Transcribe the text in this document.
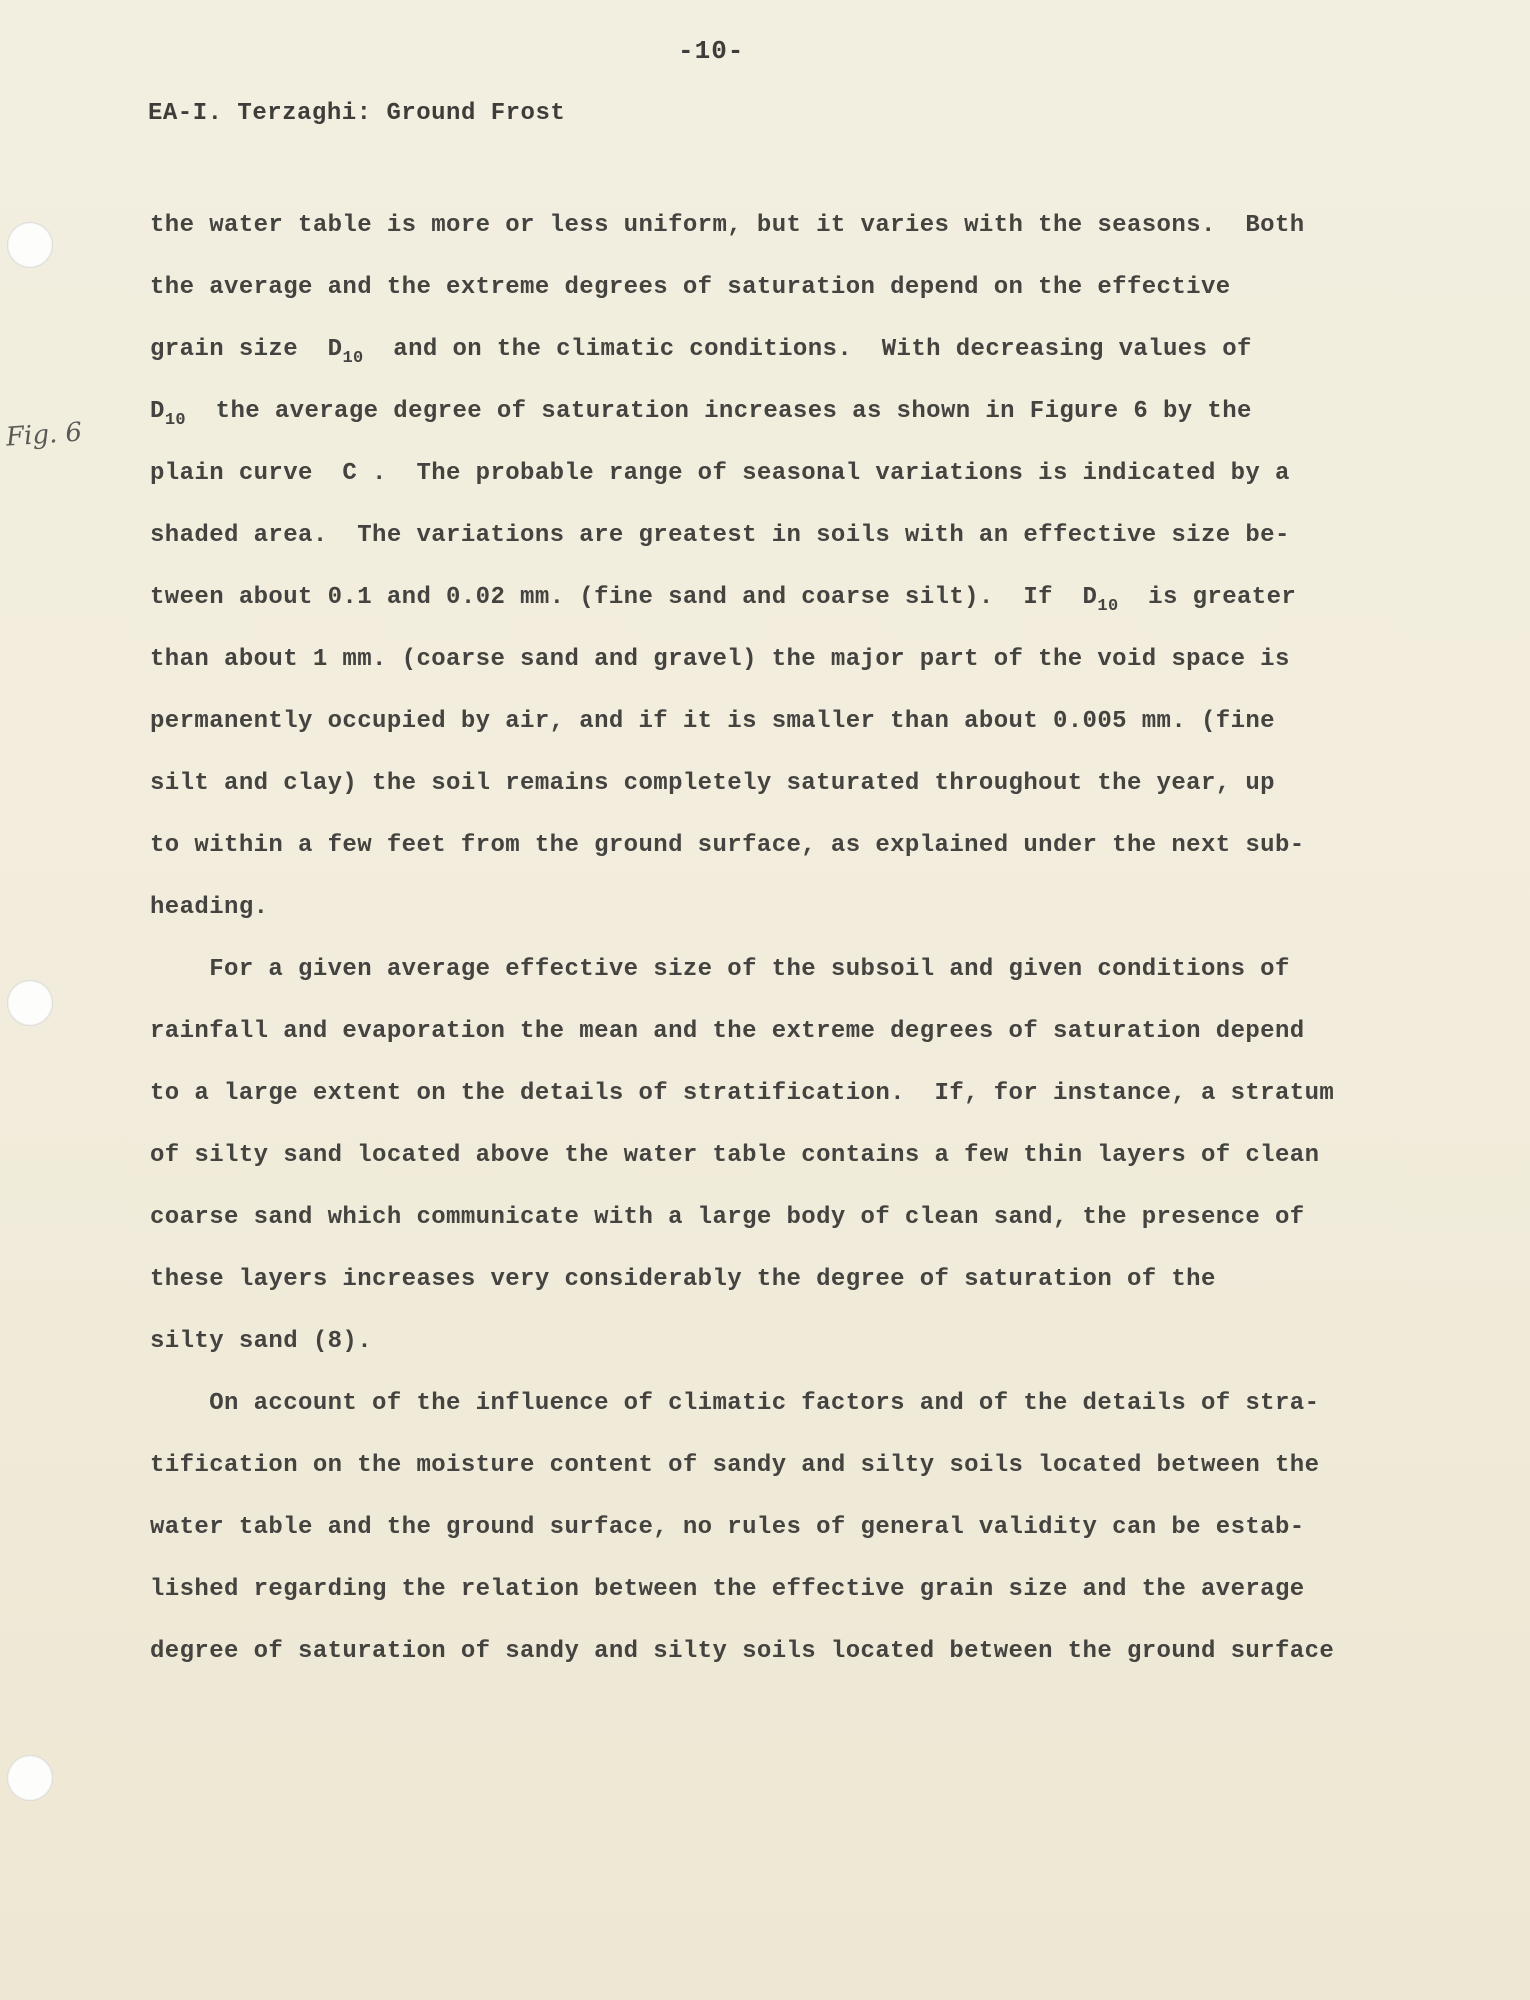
-10-
EA-I. Terzaghi: Ground Frost
Fig. 6
the water table is more or less uniform, but it varies with the seasons.  Both
the average and the extreme degrees of saturation depend on the effective
grain size  $D_{10}$  and on the climatic conditions.  With decreasing values of
$D_{10}$  the average degree of saturation increases as shown in Figure 6 by the
plain curve  C .  The probable range of seasonal variations is indicated by a
shaded area.  The variations are greatest in soils with an effective size be-
tween about 0.1 and 0.02 mm. (fine sand and coarse silt).  If  $D_{10}$  is greater
than about 1 mm. (coarse sand and gravel) the major part of the void space is
permanently occupied by air, and if it is smaller than about 0.005 mm. (fine
silt and clay) the soil remains completely saturated throughout the year, up
to within a few feet from the ground surface, as explained under the next sub-
heading.
For a given average effective size of the subsoil and given conditions of
rainfall and evaporation the mean and the extreme degrees of saturation depend
to a large extent on the details of stratification.  If, for instance, a stratum
of silty sand located above the water table contains a few thin layers of clean
coarse sand which communicate with a large body of clean sand, the presence of
these layers increases very considerably the degree of saturation of the
silty sand (8).
On account of the influence of climatic factors and of the details of stra-
tification on the moisture content of sandy and silty soils located between the
water table and the ground surface, no rules of general validity can be estab-
lished regarding the relation between the effective grain size and the average
degree of saturation of sandy and silty soils located between the ground surface
